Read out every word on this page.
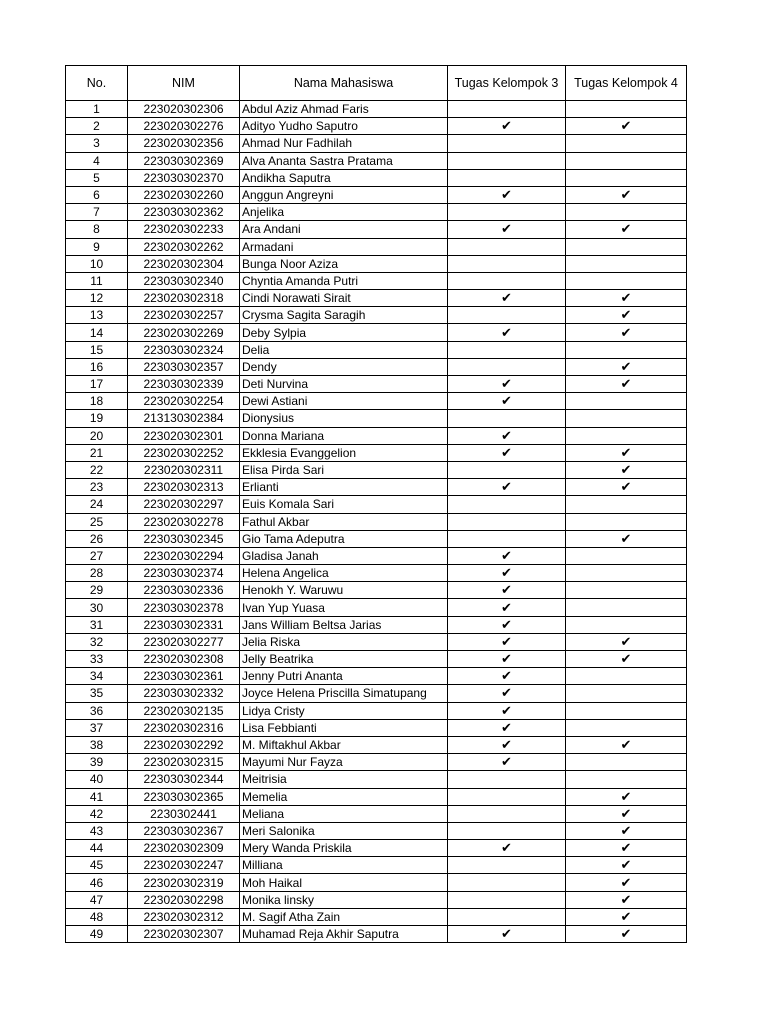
No.	NIM	Nama Mahasiswa	Tugas Kelompok 3	Tugas Kelompok 4
1	223020302306	Abdul Aziz Ahmad Faris		
2	223020302276	Adityo Yudho Saputro	✔	✔
3	223020302356	Ahmad Nur Fadhilah		
4	223030302369	Alva Ananta Sastra Pratama		
5	223030302370	Andikha Saputra		
6	223020302260	Anggun Angreyni	✔	✔
7	223030302362	Anjelika		
8	223020302233	Ara Andani	✔	✔
9	223020302262	Armadani		
10	223020302304	Bunga Noor Aziza		
11	223030302340	Chyntia Amanda Putri		
12	223020302318	Cindi Norawati Sirait	✔	✔
13	223020302257	Crysma Sagita Saragih		✔
14	223020302269	Deby Sylpia	✔	✔
15	223030302324	Delia		
16	223030302357	Dendy		✔
17	223030302339	Deti Nurvina	✔	✔
18	223020302254	Dewi Astiani	✔	
19	213130302384	Dionysius		
20	223020302301	Donna Mariana	✔	
21	223020302252	Ekklesia Evanggelion	✔	✔
22	223020302311	Elisa Pirda Sari		✔
23	223020302313	Erlianti	✔	✔
24	223020302297	Euis Komala Sari		
25	223020302278	Fathul Akbar		
26	223030302345	Gio Tama Adeputra		✔
27	223020302294	Gladisa Janah	✔	
28	223030302374	Helena Angelica	✔	
29	223030302336	Henokh Y. Waruwu	✔	
30	223030302378	Ivan Yup Yuasa	✔	
31	223030302331	Jans William Beltsa Jarias	✔	
32	223020302277	Jelia Riska	✔	✔
33	223020302308	Jelly Beatrika	✔	✔
34	223030302361	Jenny Putri Ananta	✔	
35	223030302332	Joyce Helena Priscilla Simatupang	✔	
36	223020302135	Lidya Cristy	✔	
37	223020302316	Lisa Febbianti	✔	
38	223020302292	M. Miftakhul Akbar	✔	✔
39	223020302315	Mayumi Nur Fayza	✔	
40	223030302344	Meitrisia		
41	223030302365	Memelia		✔
42	2230302441	Meliana		✔
43	223030302367	Meri Salonika		✔
44	223020302309	Mery Wanda Priskila	✔	✔
45	223020302247	Milliana		✔
46	223020302319	Moh Haikal		✔
47	223020302298	Monika linsky		✔
48	223020302312	M. Sagif Atha Zain		✔
49	223020302307	Muhamad Reja Akhir Saputra	✔	✔
